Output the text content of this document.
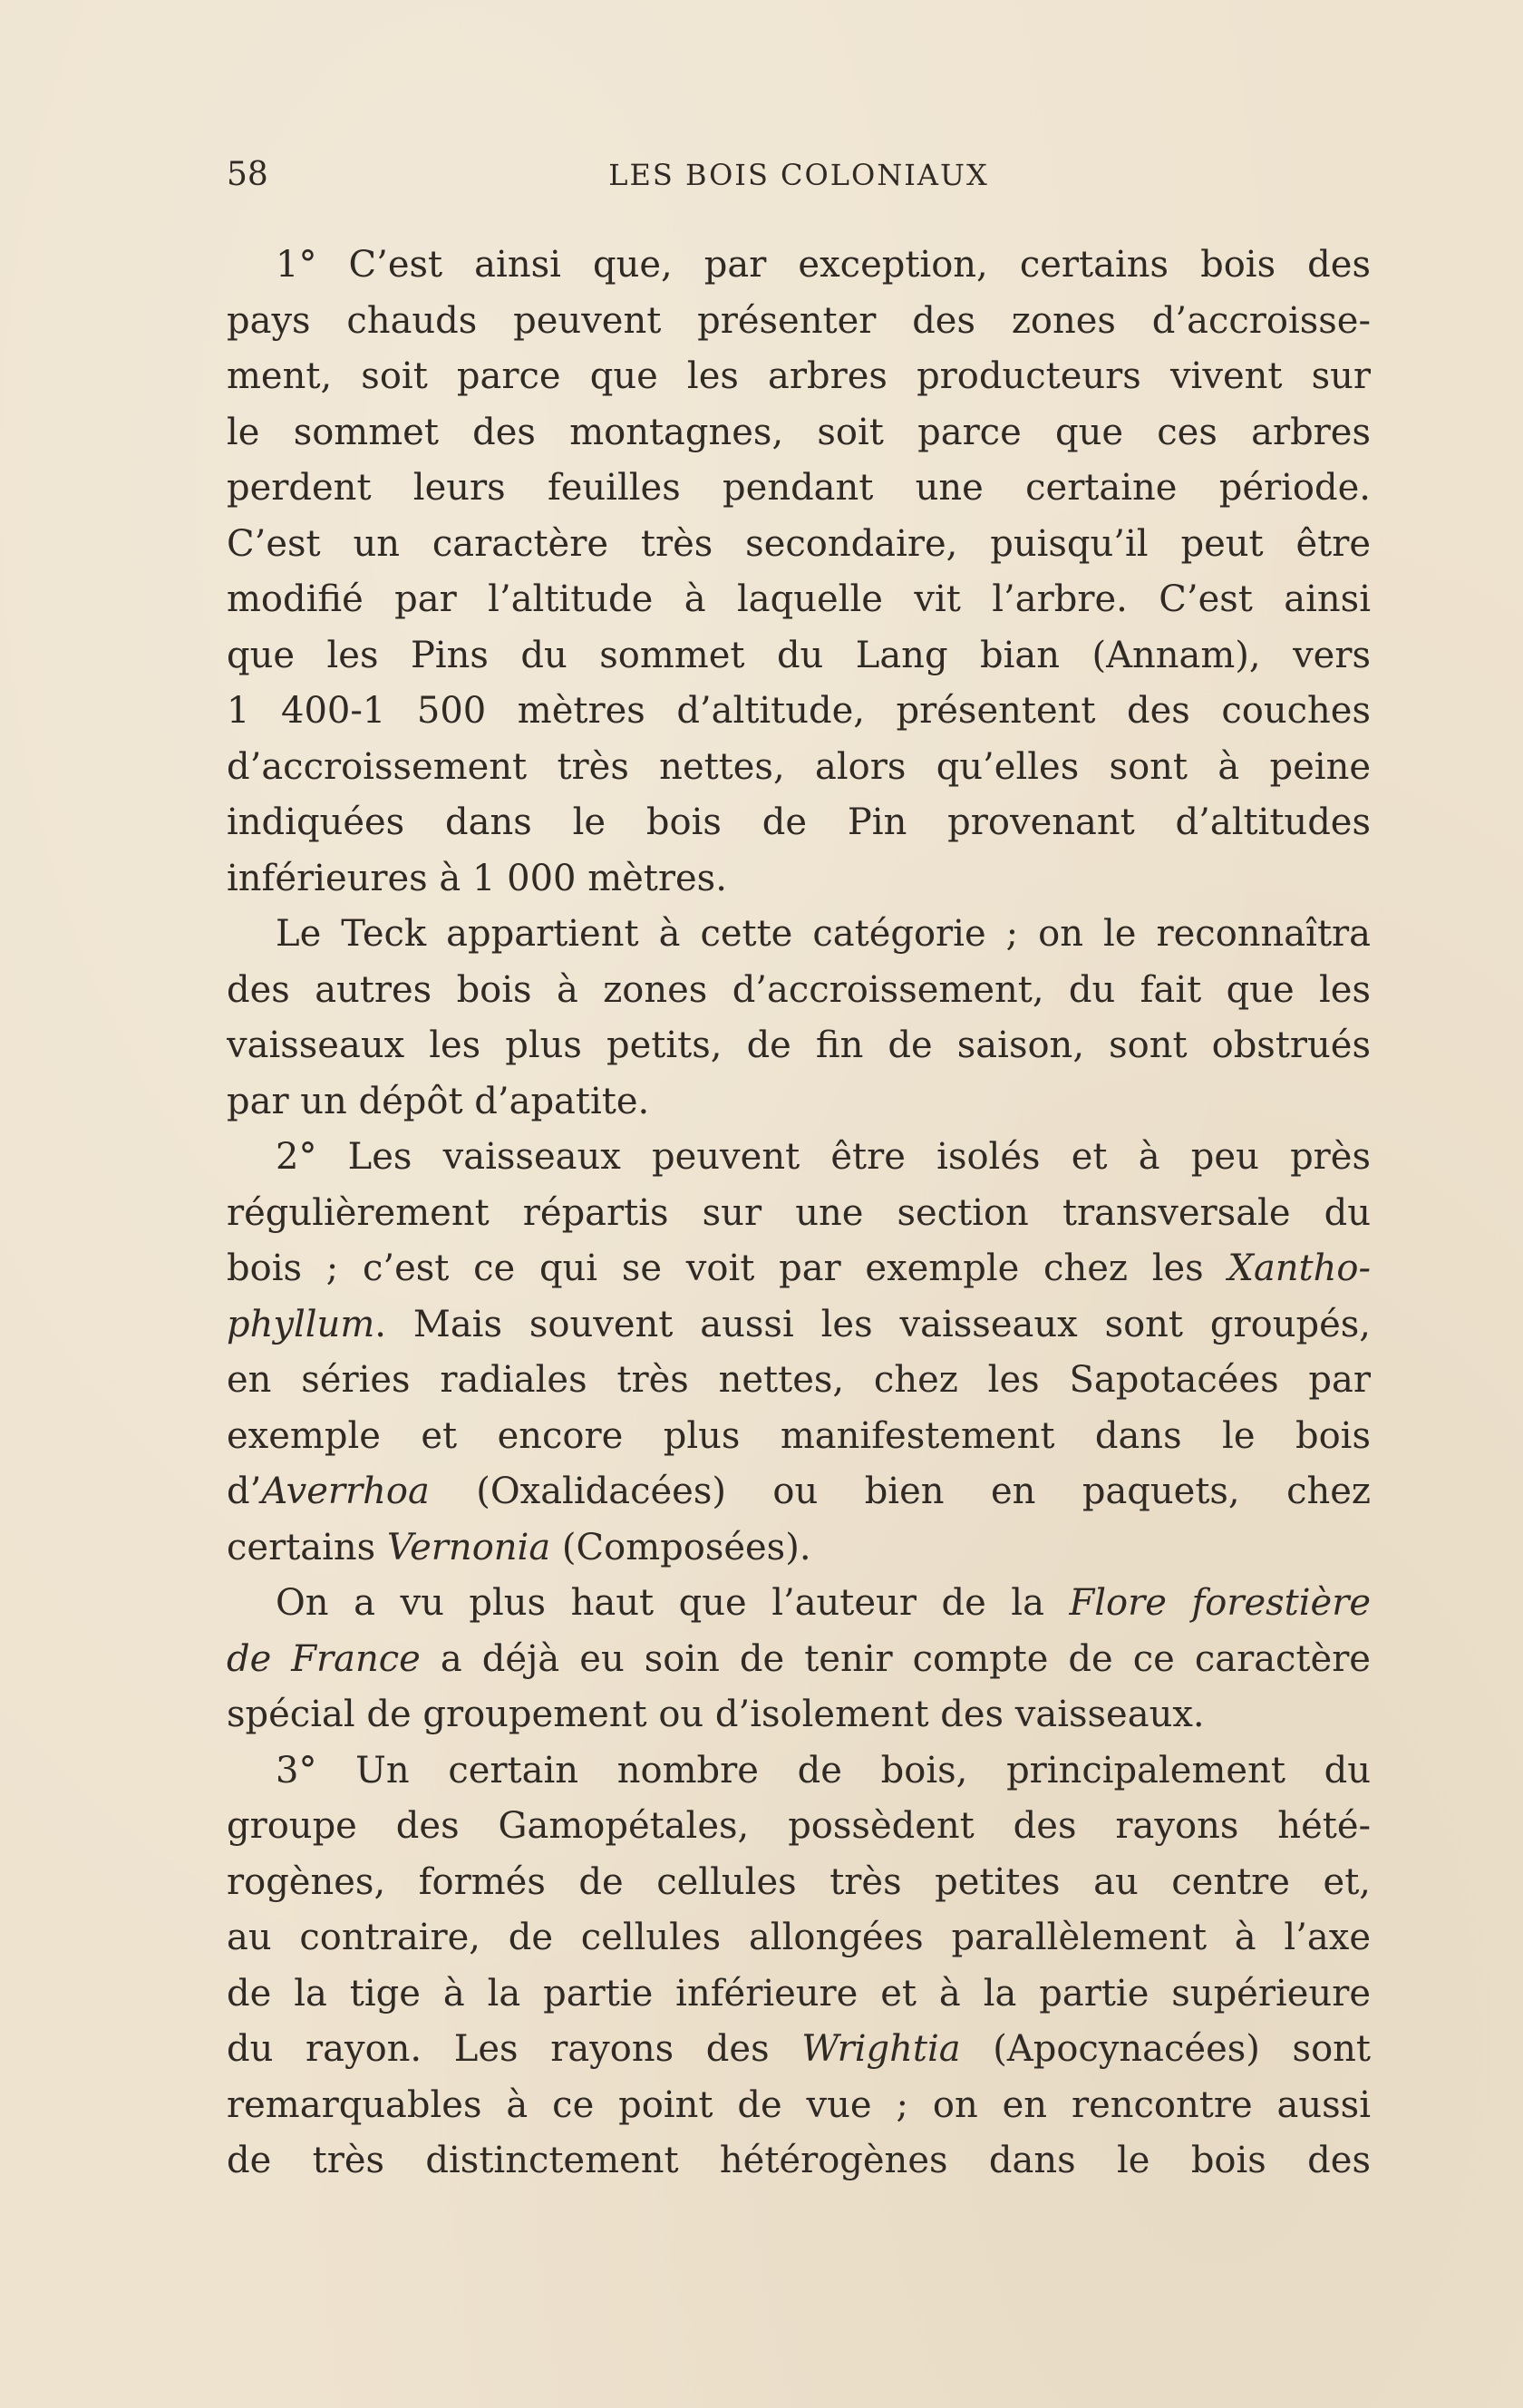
58	LES BOIS COLONIAUX
1° C’est ainsi que, par exception, certains bois des
pays chauds peuvent présenter des zones d’accroisse-
ment, soit parce que les arbres producteurs vivent sur
le sommet des montagnes, soit parce que ces arbres
perdent leurs feuilles pendant une certaine période.
C’est un caractère très secondaire, puisqu’il peut être
modifié par l’altitude à laquelle vit l’arbre. C’est ainsi
que les Pins du sommet du Lang bian (Annam), vers
1 400-1 500 mètres d’altitude, présentent des couches
d’accroissement très nettes, alors qu’elles sont à peine
indiquées dans le bois de Pin provenant d’altitudes
inférieures à 1 000 mètres.
Le Teck appartient à cette catégorie ; on le reconnaîtra
des autres bois à zones d’accroissement, du fait que les
vaisseaux les plus petits, de fin de saison, sont obstrués
par un dépôt d’apatite.
2° Les vaisseaux peuvent être isolés et à peu près
régulièrement répartis sur une section transversale du
bois ; c’est ce qui se voit par exemple chez les Xantho-
phyllum. Mais souvent aussi les vaisseaux sont groupés,
en séries radiales très nettes, chez les Sapotacées par
exemple et encore plus manifestement dans le bois
d’Averrhoa (Oxalidacées) ou bien en paquets, chez
certains Vernonia (Composées).
On a vu plus haut que l’auteur de la Flore forestière
de France a déjà eu soin de tenir compte de ce caractère
spécial de groupement ou d’isolement des vaisseaux.
3° Un certain nombre de bois, principalement du
groupe des Gamopétales, possèdent des rayons hété-
rogènes, formés de cellules très petites au centre et,
au contraire, de cellules allongées parallèlement à l’axe
de la tige à la partie inférieure et à la partie supérieure
du rayon. Les rayons des Wrightia (Apocynacées) sont
remarquables à ce point de vue ; on en rencontre aussi
de très distinctement hétérogènes dans le bois des
